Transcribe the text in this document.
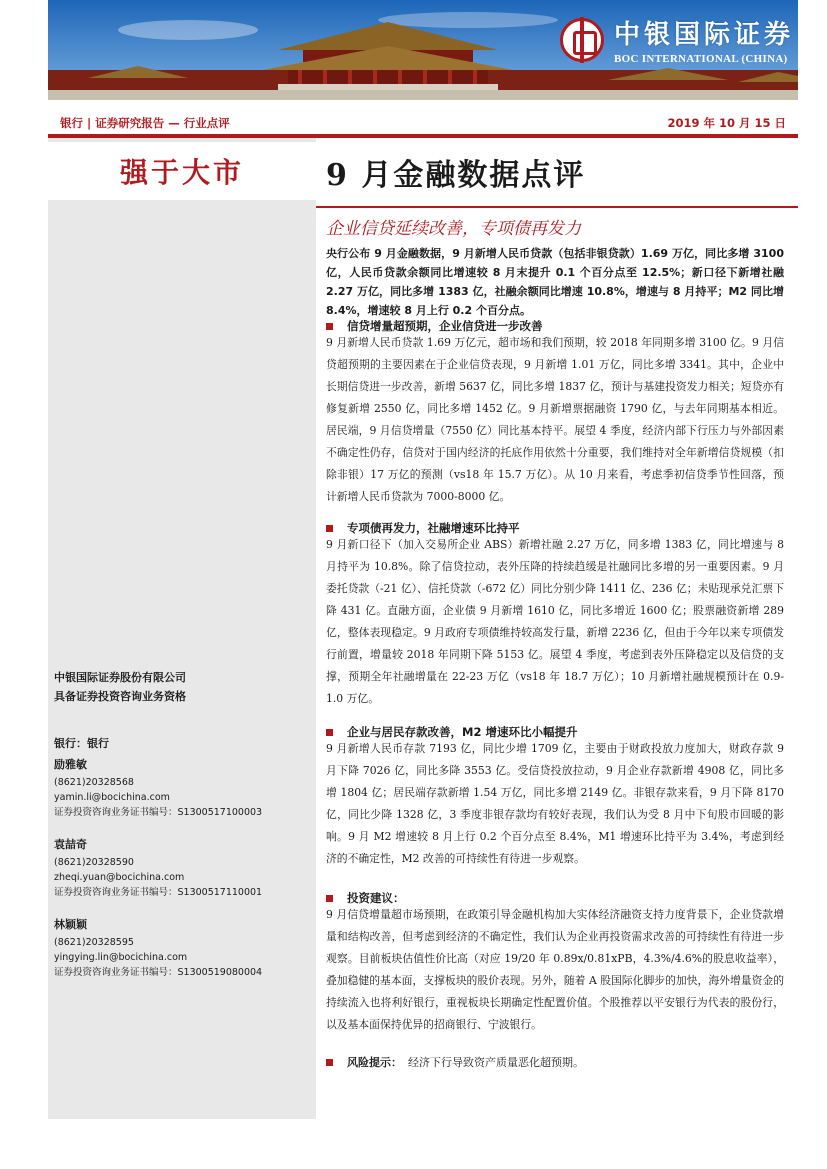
中银国际证券
BOC INTERNATIONAL (CHINA)
银行 | 证券研究报告 — 行业点评	2019 年 10 月 15 日
强于大市
中银国际证券股份有限公司
具备证券投资咨询业务资格
银行：银行
励雅敏
(8621)20328568
yamin.li@bocichina.com
证券投资咨询业务证书编号：S1300517100003
袁喆奇
(8621)20328590
zheqi.yuan@bocichina.com
证券投资咨询业务证书编号：S1300517110001
林颖颖
(8621)20328595
yingying.lin@bocichina.com
证券投资咨询业务证书编号：S1300519080004
9 月金融数据点评
企业信贷延续改善，专项债再发力
央行公布 9 月金融数据，9 月新增人民币贷款（包括非银贷款）1.69 万亿，同比多增 3100 亿，人民币贷款余额同比增速较 8 月末提升 0.1 个百分点至 12.5%；新口径下新增社融 2.27 万亿，同比多增 1383 亿，社融余额同比增速 10.8%，增速与 8 月持平；M2 同比增 8.4%，增速较 8 月上行 0.2 个百分点。
信贷增量超预期，企业信贷进一步改善
9 月新增人民币贷款 1.69 万亿元，超市场和我们预期，较 2018 年同期多增 3100 亿。9 月信贷超预期的主要因素在于企业信贷表现，9 月新增 1.01 万亿，同比多增 3341。其中，企业中长期信贷进一步改善，新增 5637 亿，同比多增 1837 亿，预计与基建投资发力相关；短贷亦有修复新增 2550 亿，同比多增 1452 亿。9 月新增票据融资 1790 亿，与去年同期基本相近。居民端，9 月信贷增量（7550 亿）同比基本持平。展望 4 季度，经济内部下行压力与外部因素不确定性仍存，信贷对于国内经济的托底作用依然十分重要，我们维持对全年新增信贷规模（扣除非银）17 万亿的预测（vs18 年 15.7 万亿）。从 10 月来看，考虑季初信贷季节性回落，预计新增人民币贷款为 7000-8000 亿。
专项债再发力，社融增速环比持平
9 月新口径下（加入交易所企业 ABS）新增社融 2.27 万亿，同多增 1383 亿，同比增速与 8 月持平为 10.8%。除了信贷拉动，表外压降的持续趋缓是社融同比多增的另一重要因素。9 月委托贷款（-21 亿）、信托贷款（-672 亿）同比分别少降 1411 亿、236 亿；未贴现承兑汇票下降 431 亿。直融方面，企业债 9 月新增 1610 亿，同比多增近 1600 亿；股票融资新增 289 亿，整体表现稳定。9 月政府专项债维持较高发行量，新增 2236 亿，但由于今年以来专项债发行前置，增量较 2018 年同期下降 5153 亿。展望 4 季度，考虑到表外压降稳定以及信贷的支撑，预期全年社融增量在 22-23 万亿（vs18 年 18.7 万亿）；10 月新增社融规模预计在 0.9-1.0 万亿。
企业与居民存款改善，M2 增速环比小幅提升
9 月新增人民币存款 7193 亿，同比少增 1709 亿，主要由于财政投放力度加大，财政存款 9 月下降 7026 亿，同比多降 3553 亿。受信贷投放拉动，9 月企业存款新增 4908 亿，同比多增 1804 亿；居民端存款新增 1.54 万亿，同比多增 2149 亿。非银存款来看，9 月下降 8170 亿，同比少降 1328 亿，3 季度非银存款均有较好表现，我们认为受 8 月中下旬股市回暖的影响。9 月 M2 增速较 8 月上行 0.2 个百分点至 8.4%，M1 增速环比持平为 3.4%，考虑到经济的不确定性，M2 改善的可持续性有待进一步观察。
投资建议：
9 月信贷增量超市场预期，在政策引导金融机构加大实体经济融资支持力度背景下，企业贷款增量和结构改善，但考虑到经济的不确定性，我们认为企业再投资需求改善的可持续性有待进一步观察。目前板块估值性价比高（对应 19/20 年 0.89x/0.81xPB，4.3%/4.6%的股息收益率），叠加稳健的基本面，支撑板块的股价表现。另外，随着 A 股国际化脚步的加快，海外增量资金的持续流入也将利好银行，重视板块长期确定性配置价值。个股推荐以平安银行为代表的股份行，以及基本面保持优异的招商银行、宁波银行。
风险提示： 经济下行导致资产质量恶化超预期。
